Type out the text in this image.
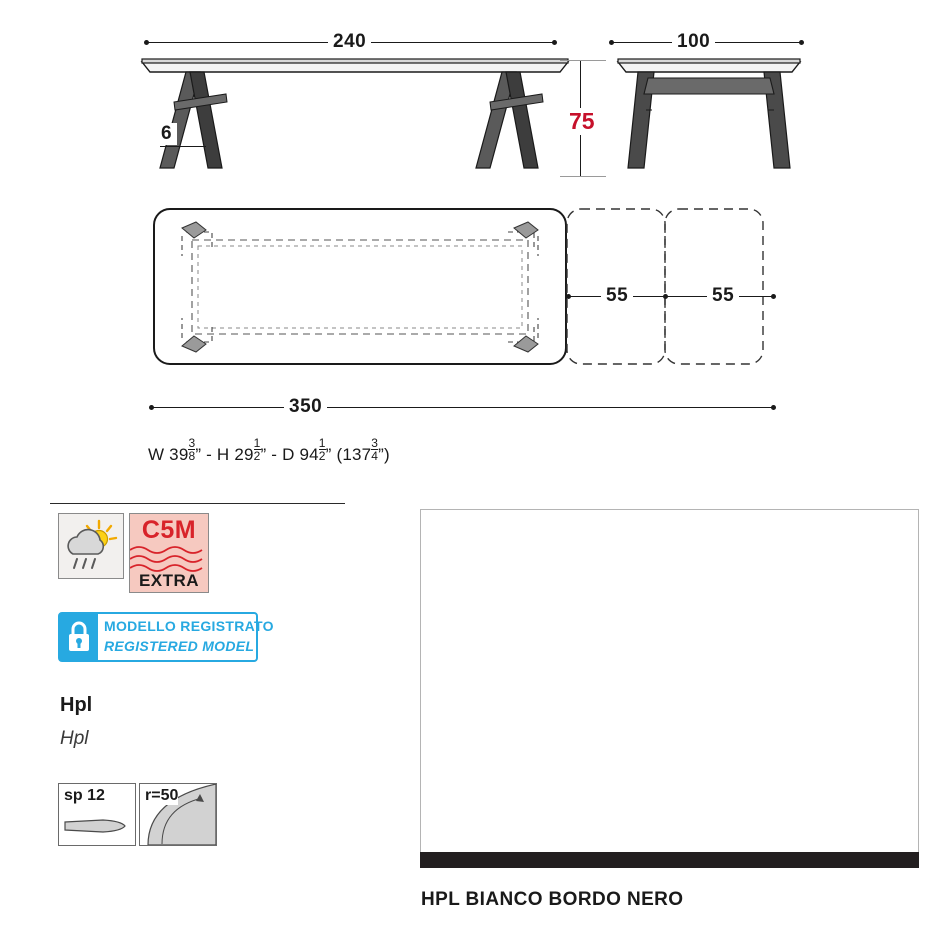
240
6
100
75
55	55
350
W $39 \frac{3}{8}$ ” - H $29 \frac{1}{2}$ ” - D $94 \frac{1}{2}$ ” ($137 \frac{3}{4}$ ”)
C5M
EXTRA
MODELLO REGISTRATO
REGISTERED MODEL
Hpl
Hpl
sp 12	r=50
HPL BIANCO BORDO NERO
